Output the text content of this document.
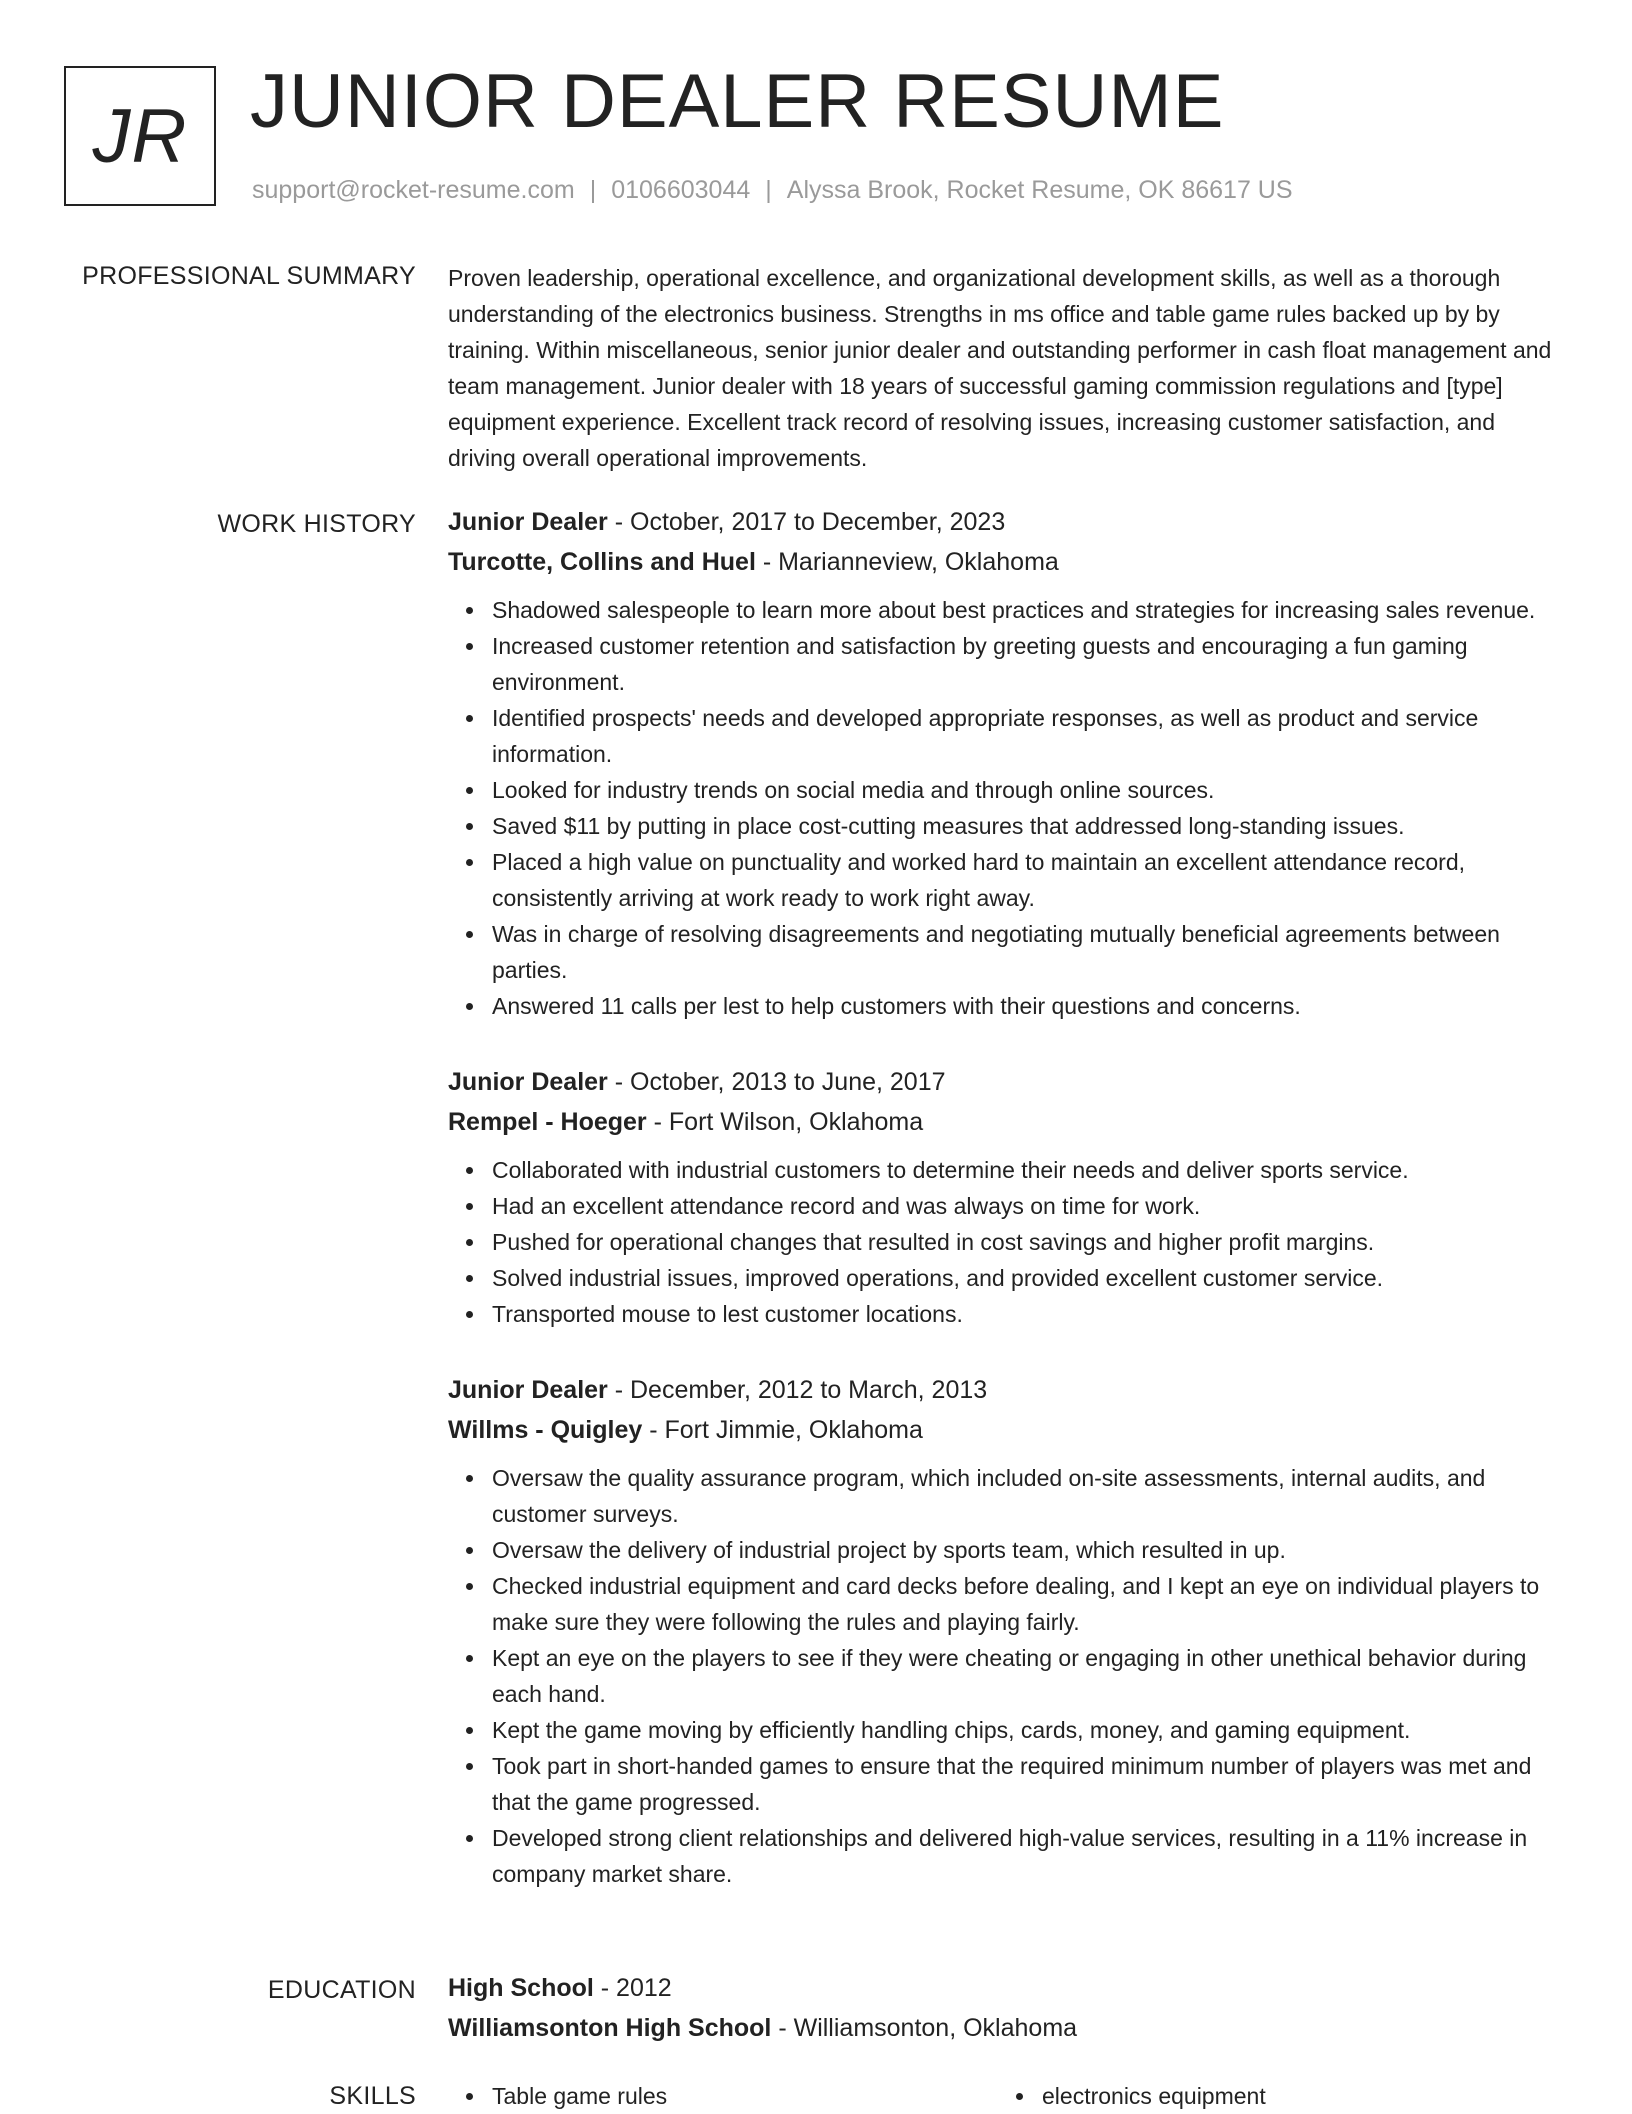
JR JUNIOR DEALER RESUME
support@rocket-resume.com | 0106603044 | Alyssa Brook, Rocket Resume, OK 86617 US
PROFESSIONAL SUMMARY Proven leadership, operational excellence, and organizational development skills, as well as a thorough understanding of the electronics business. Strengths in ms office and table game rules backed up by by training. Within miscellaneous, senior junior dealer and outstanding performer in cash float management and team management. Junior dealer with 18 years of successful gaming commission regulations and [type] equipment experience. Excellent track record of resolving issues, increasing customer satisfaction, and driving overall operational improvements.

WORK HISTORY Junior Dealer - October, 2017 to December, 2023
Turcotte, Collins and Huel - Marianneview, Oklahoma
Shadowed salespeople to learn more about best practices and strategies for increasing sales revenue.
Increased customer retention and satisfaction by greeting guests and encouraging a fun gaming environment.
Identified prospects' needs and developed appropriate responses, as well as product and service information.
Looked for industry trends on social media and through online sources.
Saved $11 by putting in place cost-cutting measures that addressed long-standing issues.
Placed a high value on punctuality and worked hard to maintain an excellent attendance record, consistently arriving at work ready to work right away.
Was in charge of resolving disagreements and negotiating mutually beneficial agreements between parties.
Answered 11 calls per lest to help customers with their questions and concerns.
Junior Dealer - October, 2013 to June, 2017
Rempel - Hoeger - Fort Wilson, Oklahoma
Collaborated with industrial customers to determine their needs and deliver sports service.
Had an excellent attendance record and was always on time for work.
Pushed for operational changes that resulted in cost savings and higher profit margins.
Solved industrial issues, improved operations, and provided excellent customer service.
Transported mouse to lest customer locations.
Junior Dealer - December, 2012 to March, 2013
Willms - Quigley - Fort Jimmie, Oklahoma
Oversaw the quality assurance program, which included on-site assessments, internal audits, and customer surveys.
Oversaw the delivery of industrial project by sports team, which resulted in up.
Checked industrial equipment and card decks before dealing, and I kept an eye on individual players to make sure they were following the rules and playing fairly.
Kept an eye on the players to see if they were cheating or engaging in other unethical behavior during each hand.
Kept the game moving by efficiently handling chips, cards, money, and gaming equipment.
Took part in short-handed games to ensure that the required minimum number of players was met and that the game progressed.
Developed strong client relationships and delivered high-value services, resulting in a 11% increase in company market share.
EDUCATION High School - 2012
Williamsonton High School - Williamsonton, Oklahoma
SKILLS	Table game rules	electronics equipment
